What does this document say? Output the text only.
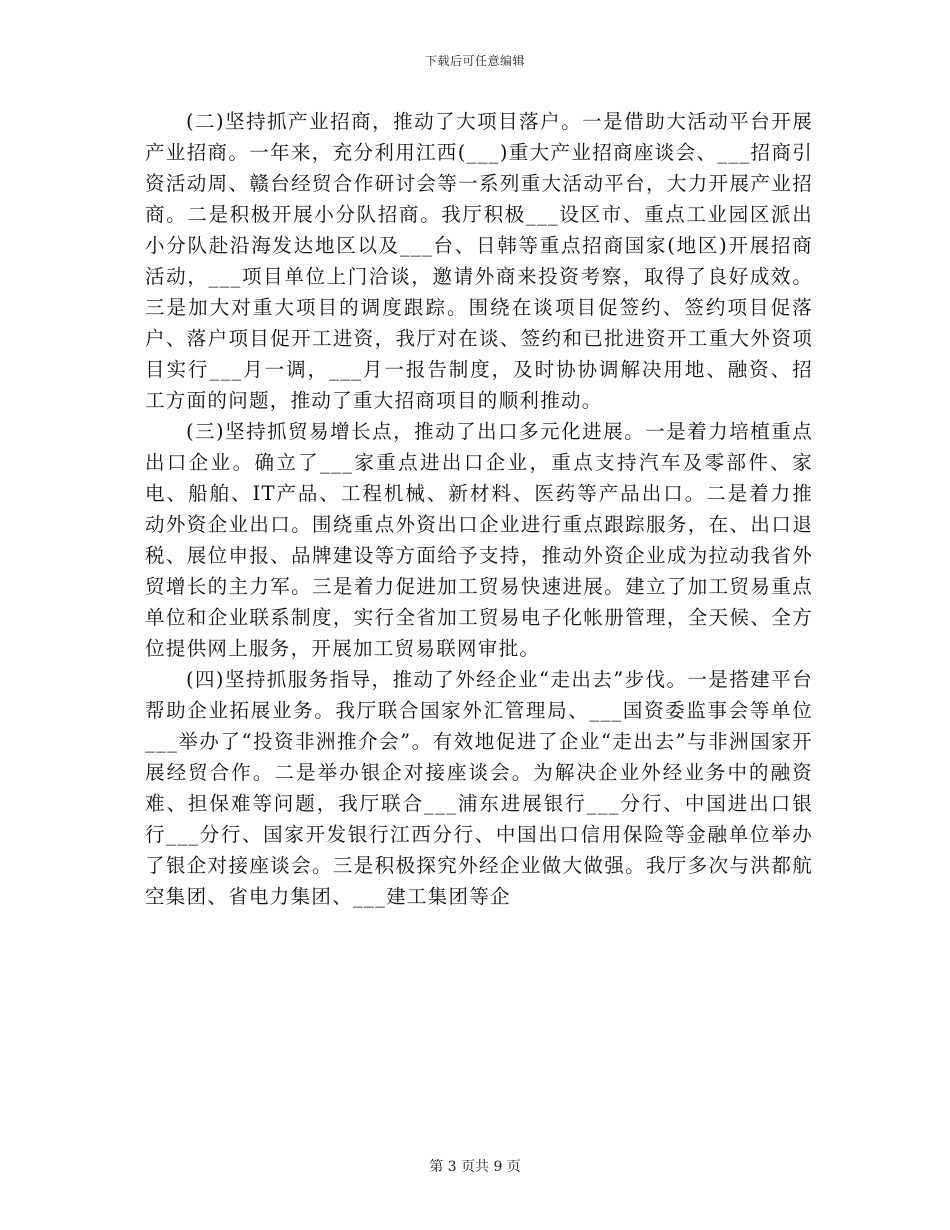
下载后可任意编辑

(二)坚持抓产业招商，推动了大项目落户。一是借助大活动平台开展产业招商。一年来，充分利用江西(___)重大产业招商座谈会、___招商引资活动周、赣台经贸合作研讨会等一系列重大活动平台，大力开展产业招商。二是积极开展小分队招商。我厅积极___设区市、重点工业园区派出小分队赴沿海发达地区以及___台、日韩等重点招商国家(地区)开展招商活动，___项目单位上门洽谈，邀请外商来投资考察，取得了良好成效。三是加大对重大项目的调度跟踪。围绕在谈项目促签约、签约项目促落户、落户项目促开工进资，我厅对在谈、签约和已批进资开工重大外资项目实行___月一调，___月一报告制度，及时协协调解决用地、融资、招工方面的问题，推动了重大招商项目的顺利推动。

(三)坚持抓贸易增长点，推动了出口多元化进展。一是着力培植重点出口企业。确立了___家重点进出口企业，重点支持汽车及零部件、家电、船舶、IT产品、工程机械、新材料、医药等产品出口。二是着力推动外资企业出口。围绕重点外资出口企业进行重点跟踪服务，在、出口退税、展位申报、品牌建设等方面给予支持，推动外资企业成为拉动我省外贸增长的主力军。三是着力促进加工贸易快速进展。建立了加工贸易重点单位和企业联系制度，实行全省加工贸易电子化帐册管理，全天候、全方位提供网上服务，开展加工贸易联网审批。

(四)坚持抓服务指导，推动了外经企业“走出去”步伐。一是搭建平台帮助企业拓展业务。我厅联合国家外汇管理局、___国资委监事会等单位___举办了“投资非洲推介会”。有效地促进了企业“走出去”与非洲国家开展经贸合作。二是举办银企对接座谈会。为解决企业外经业务中的融资难、担保难等问题，我厅联合___浦东进展银行___分行、中国进出口银行___分行、国家开发银行江西分行、中国出口信用保险等金融单位举办了银企对接座谈会。三是积极探究外经企业做大做强。我厅多次与洪都航空集团、省电力集团、___建工集团等企

第 3 页共 9 页
